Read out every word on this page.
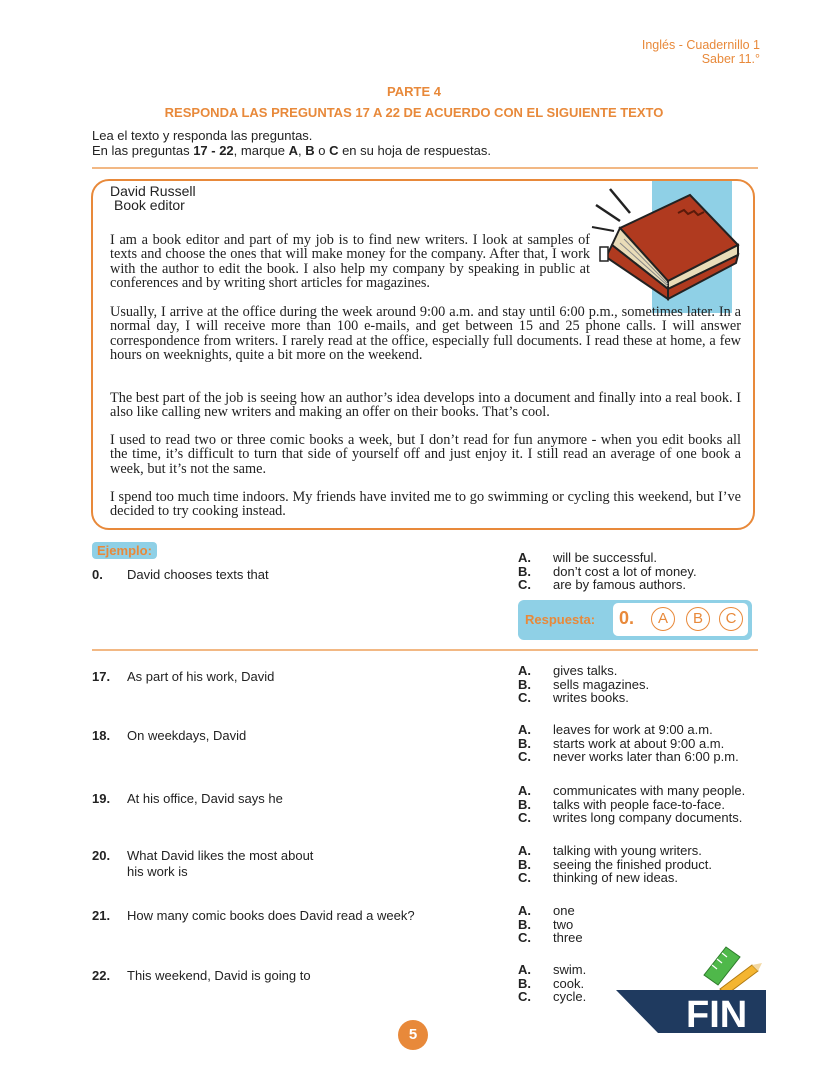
Inglés - Cuadernillo 1
Saber 11.°
PARTE 4
RESPONDA LAS PREGUNTAS 17 A 22 DE ACUERDO CON EL SIGUIENTE TEXTO
Lea el texto y responda las preguntas.
En las preguntas 17 - 22, marque A, B o C en su hoja de respuestas.
David Russell
Book editor
I am a book editor and part of my job is to find new writers. I look at samples of texts and choose the ones that will make money for the company. After that, I work with the author to edit the book. I also help my company by speaking in public at conferences and by writing short articles for magazines.
Usually, I arrive at the office during the week around 9:00 a.m. and stay until 6:00 p.m., sometimes later. In a normal day, I will receive more than 100 e-mails, and get between 15 and 25 phone calls. I will answer correspondence from writers. I rarely read at the office, especially full documents. I read these at home, a few hours on weeknights, quite a bit more on the weekend.
The best part of the job is seeing how an author’s idea develops into a document and finally into a real book. I also like calling new writers and making an offer on their books. That’s cool.
I used to read two or three comic books a week, but I don’t read for fun anymore - when you edit books all the time, it’s difficult to turn that side of yourself off and just enjoy it. I still read an average of one book a week, but it’s not the same.
I spend too much time indoors. My friends have invited me to go swimming or cycling this weekend, but I’ve decided to try cooking instead.
Ejemplo:
0. David chooses texts that
A.	will be successful.
B.	don’t cost a lot of money.
C.	are by famous authors.
Respuesta: 0.	A	B	C
17. As part of his work, David	A.	gives talks.
B.	sells magazines.
C.	writes books.
18. On weekdays, David	A.	leaves for work at 9:00 a.m.
B.	starts work at about 9:00 a.m.
C.	never works later than 6:00 p.m.
19. At his office, David says he
A.	communicates with many people.
B.	talks with people face-to-face.
C.	writes long company documents.
20. What David likes the most about
his work is
A.	talking with young writers.
B.	seeing the finished product.
C.	thinking of new ideas.
21. How many comic books does David read a week?	A.	one
B.	two
C.	three
22. This weekend, David is going to	A.	swim.
B.	cook.
C.	cycle.	FIN
5
